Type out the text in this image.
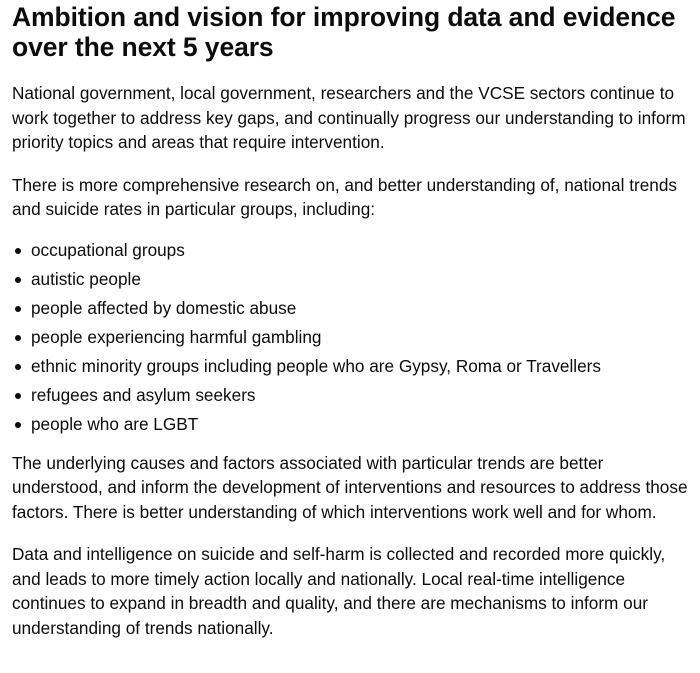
Ambition and vision for improving data and evidence over the next 5 years

National government, local government, researchers and the VCSE sectors continue to work together to address key gaps, and continually progress our understanding to inform priority topics and areas that require intervention.

There is more comprehensive research on, and better understanding of, national trends and suicide rates in particular groups, including:

occupational groups
autistic people
people affected by domestic abuse
people experiencing harmful gambling
ethnic minority groups including people who are Gypsy, Roma or Travellers
refugees and asylum seekers
people who are LGBT

The underlying causes and factors associated with particular trends are better understood, and inform the development of interventions and resources to address those factors. There is better understanding of which interventions work well and for whom.

Data and intelligence on suicide and self-harm is collected and recorded more quickly, and leads to more timely action locally and nationally. Local real-time intelligence continues to expand in breadth and quality, and there are mechanisms to inform our understanding of trends nationally.
